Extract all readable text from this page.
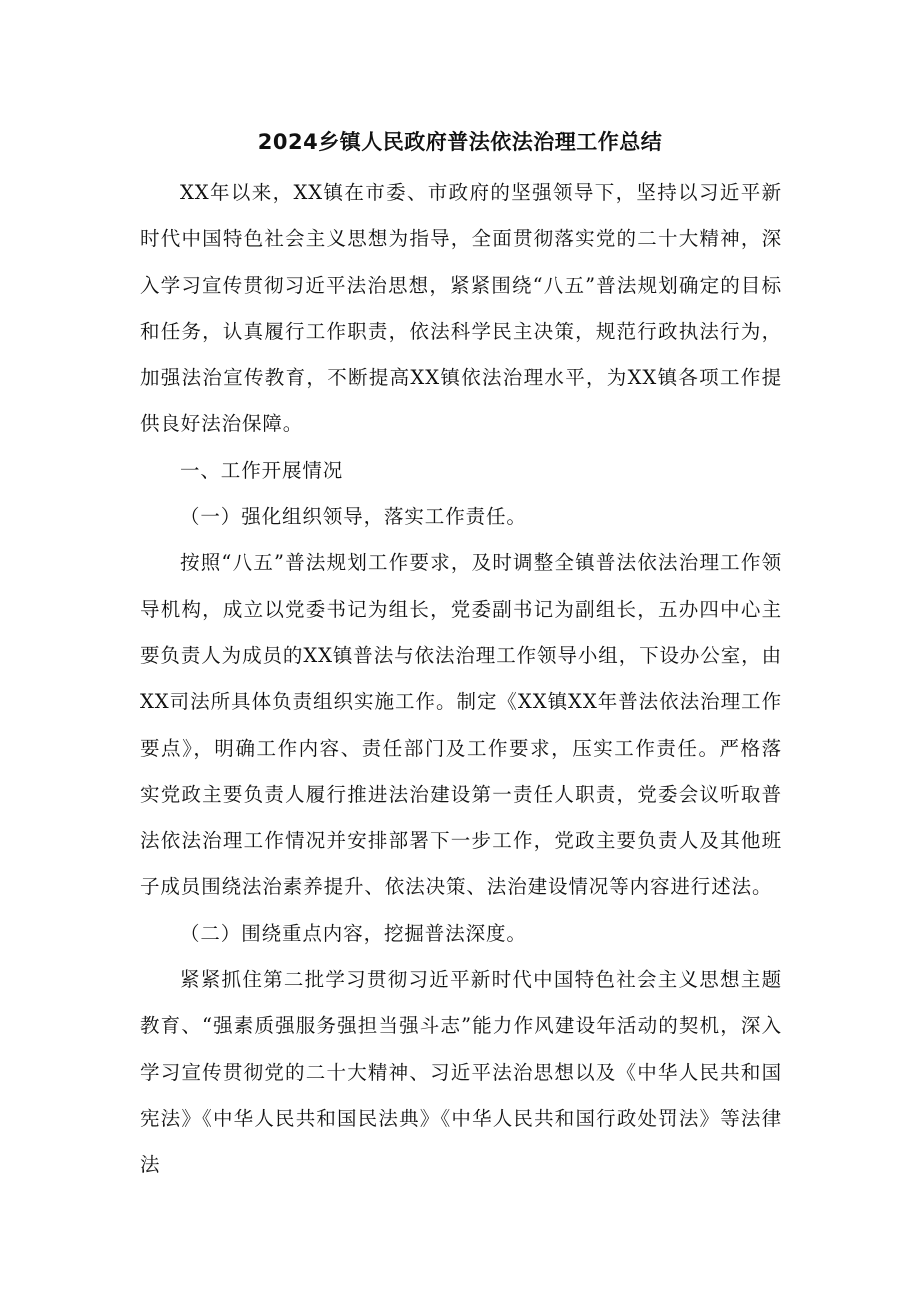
2024乡镇人民政府普法依法治理工作总结

XX年以来，XX镇在市委、市政府的坚强领导下，坚持以习近平新时代中国特色社会主义思想为指导，全面贯彻落实党的二十大精神，深入学习宣传贯彻习近平法治思想，紧紧围绕“八五”普法规划确定的目标和任务，认真履行工作职责，依法科学民主决策，规范行政执法行为，加强法治宣传教育，不断提高XX镇依法治理水平，为XX镇各项工作提供良好法治保障。

一、工作开展情况

（一）强化组织领导，落实工作责任。

按照“八五”普法规划工作要求，及时调整全镇普法依法治理工作领导机构，成立以党委书记为组长，党委副书记为副组长，五办四中心主要负责人为成员的XX镇普法与依法治理工作领导小组，下设办公室，由XX司法所具体负责组织实施工作。制定《XX镇XX年普法依法治理工作要点》，明确工作内容、责任部门及工作要求，压实工作责任。严格落实党政主要负责人履行推进法治建设第一责任人职责，党委会议听取普法依法治理工作情况并安排部署下一步工作，党政主要负责人及其他班子成员围绕法治素养提升、依法决策、法治建设情况等内容进行述法。

（二）围绕重点内容，挖掘普法深度。

紧紧抓住第二批学习贯彻习近平新时代中国特色社会主义思想主题教育、“强素质强服务强担当强斗志”能力作风建设年活动的契机，深入学习宣传贯彻党的二十大精神、习近平法治思想以及《中华人民共和国宪法》《中华人民共和国民法典》《中华人民共和国行政处罚法》等法律法
